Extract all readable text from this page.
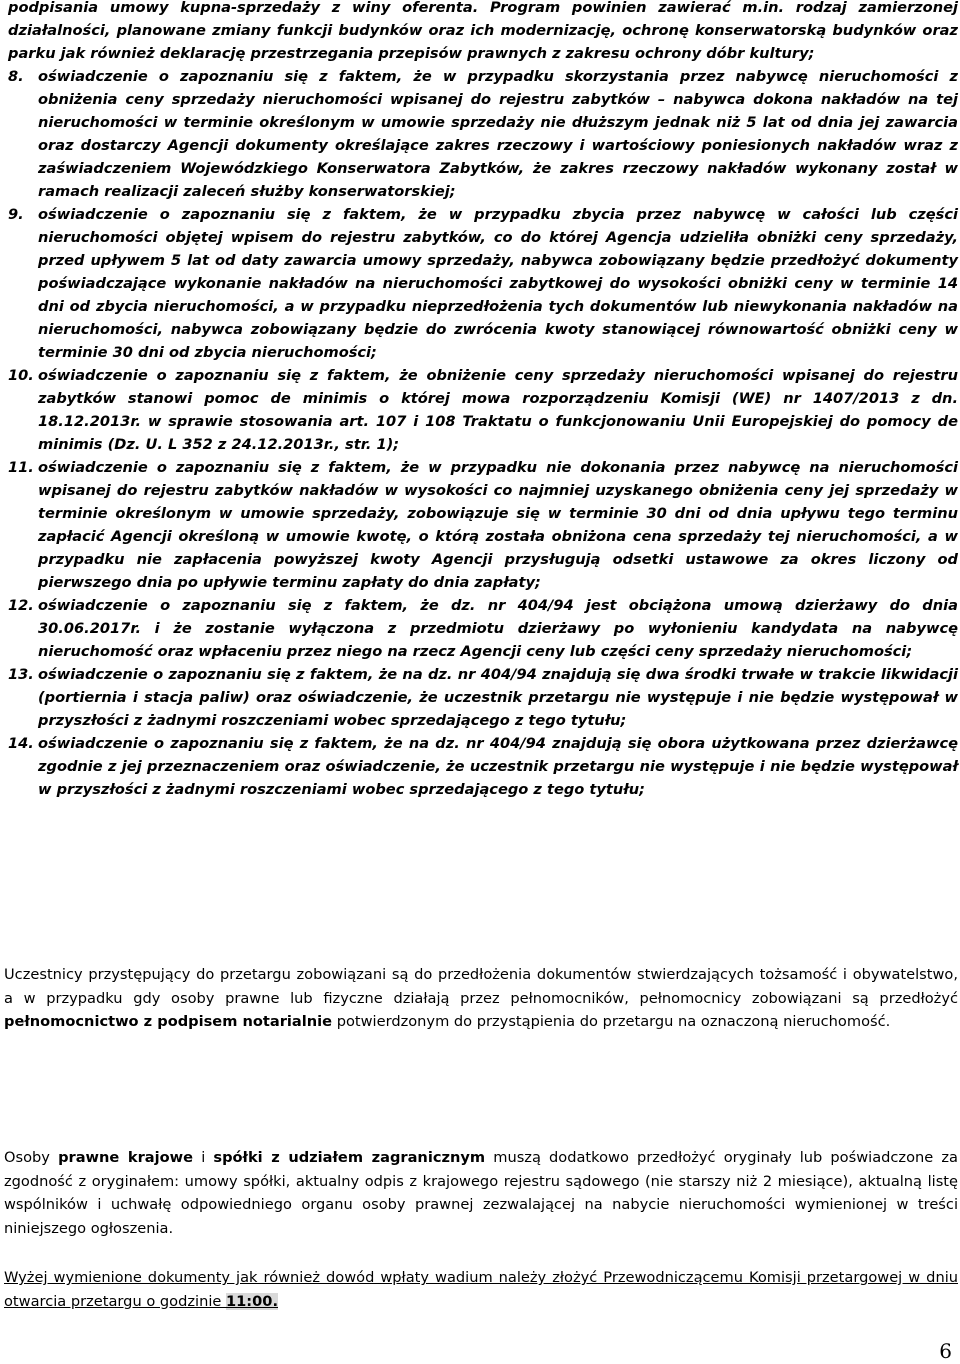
podpisania umowy kupna-sprzedaży z winy oferenta. Program powinien zawierać m.in. rodzaj zamierzonej działalności, planowane zmiany funkcji budynków oraz ich modernizację, ochronę konserwatorską budynków oraz parku jak również deklarację przestrzegania przepisów prawnych z zakresu ochrony dóbr kultury;
8. oświadczenie o zapoznaniu się z faktem, że w przypadku skorzystania przez nabywcę nieruchomości z obniżenia ceny sprzedaży nieruchomości wpisanej do rejestru zabytków – nabywca dokona nakładów na tej nieruchomości w terminie określonym w umowie sprzedaży nie dłuższym jednak niż 5 lat od dnia jej zawarcia oraz dostarczy Agencji dokumenty określające zakres rzeczowy i wartościowy poniesionych nakładów wraz z zaświadczeniem Wojewódzkiego Konserwatora Zabytków, że zakres rzeczowy nakładów wykonany został w ramach realizacji zaleceń służby konserwatorskiej;
9. oświadczenie o zapoznaniu się z faktem, że w przypadku zbycia przez nabywcę w całości lub części nieruchomości objętej wpisem do rejestru zabytków, co do której Agencja udzieliła obniżki ceny sprzedaży, przed upływem 5 lat od daty zawarcia umowy sprzedaży, nabywca zobowiązany będzie przedłożyć dokumenty poświadczające wykonanie nakładów na nieruchomości zabytkowej do wysokości obniżki ceny w terminie 14 dni od zbycia nieruchomości, a w przypadku nieprzedłożenia tych dokumentów lub niewykonania nakładów na nieruchomości, nabywca zobowiązany będzie do zwrócenia kwoty stanowiącej równowartość obniżki ceny w terminie 30 dni od zbycia nieruchomości;
10. oświadczenie o zapoznaniu się z faktem, że obniżenie ceny sprzedaży nieruchomości wpisanej do rejestru zabytków stanowi pomoc de minimis o której mowa rozporządzeniu Komisji (WE) nr 1407/2013 z dn. 18.12.2013r. w sprawie stosowania art. 107 i 108 Traktatu o funkcjonowaniu Unii Europejskiej do pomocy de minimis (Dz. U. L 352 z 24.12.2013r., str. 1);
11. oświadczenie o zapoznaniu się z faktem, że w przypadku nie dokonania przez nabywcę na nieruchomości wpisanej do rejestru zabytków nakładów w wysokości co najmniej uzyskanego obniżenia ceny jej sprzedaży w terminie określonym w umowie sprzedaży, zobowiązuje się w terminie 30 dni od dnia upływu tego terminu zapłacić Agencji określoną w umowie kwotę, o którą została obniżona cena sprzedaży tej nieruchomości, a w przypadku nie zapłacenia powyższej kwoty Agencji przysługują odsetki ustawowe za okres liczony od pierwszego dnia po upływie terminu zapłaty do dnia zapłaty;
12. oświadczenie o zapoznaniu się z faktem, że dz. nr 404/94 jest obciążona umową dzierżawy do dnia 30.06.2017r. i że zostanie wyłączona z przedmiotu dzierżawy po wyłonieniu kandydata na nabywcę nieruchomość oraz wpłaceniu przez niego na rzecz Agencji ceny lub części ceny sprzedaży nieruchomości;
13. oświadczenie o zapoznaniu się z faktem, że na dz. nr 404/94 znajdują się dwa środki trwałe w trakcie likwidacji (portiernia i stacja paliw) oraz oświadczenie, że uczestnik przetargu nie występuje i nie będzie występował w przyszłości z żadnymi roszczeniami wobec sprzedającego z tego tytułu;
14. oświadczenie o zapoznaniu się z faktem, że na dz. nr 404/94 znajdują się obora użytkowana przez dzierżawcę zgodnie z jej przeznaczeniem oraz oświadczenie, że uczestnik przetargu nie występuje i nie będzie występował w przyszłości z żadnymi roszczeniami wobec sprzedającego z tego tytułu;
Uczestnicy przystępujący do przetargu zobowiązani są do przedłożenia dokumentów stwierdzających tożsamość i obywatelstwo, a w przypadku gdy osoby prawne lub fizyczne działają przez pełnomocników, pełnomocnicy zobowiązani są przedłożyć pełnomocnictwo z podpisem notarialnie potwierdzonym do przystąpienia do przetargu na oznaczoną nieruchomość.
Osoby prawne krajowe i spółki z udziałem zagranicznym muszą dodatkowo przedłożyć oryginały lub poświadczone za zgodność z oryginałem: umowy spółki, aktualny odpis z krajowego rejestru sądowego (nie starszy niż 2 miesiące), aktualną listę wspólników i uchwałę odpowiedniego organu osoby prawnej zezwalającej na nabycie nieruchomości wymienionej w treści niniejszego ogłoszenia.
Wyżej wymienione dokumenty jak również dowód wpłaty wadium należy złożyć Przewodniczącemu Komisji przetargowej w dniu otwarcia przetargu o godzinie 11:00.
6
